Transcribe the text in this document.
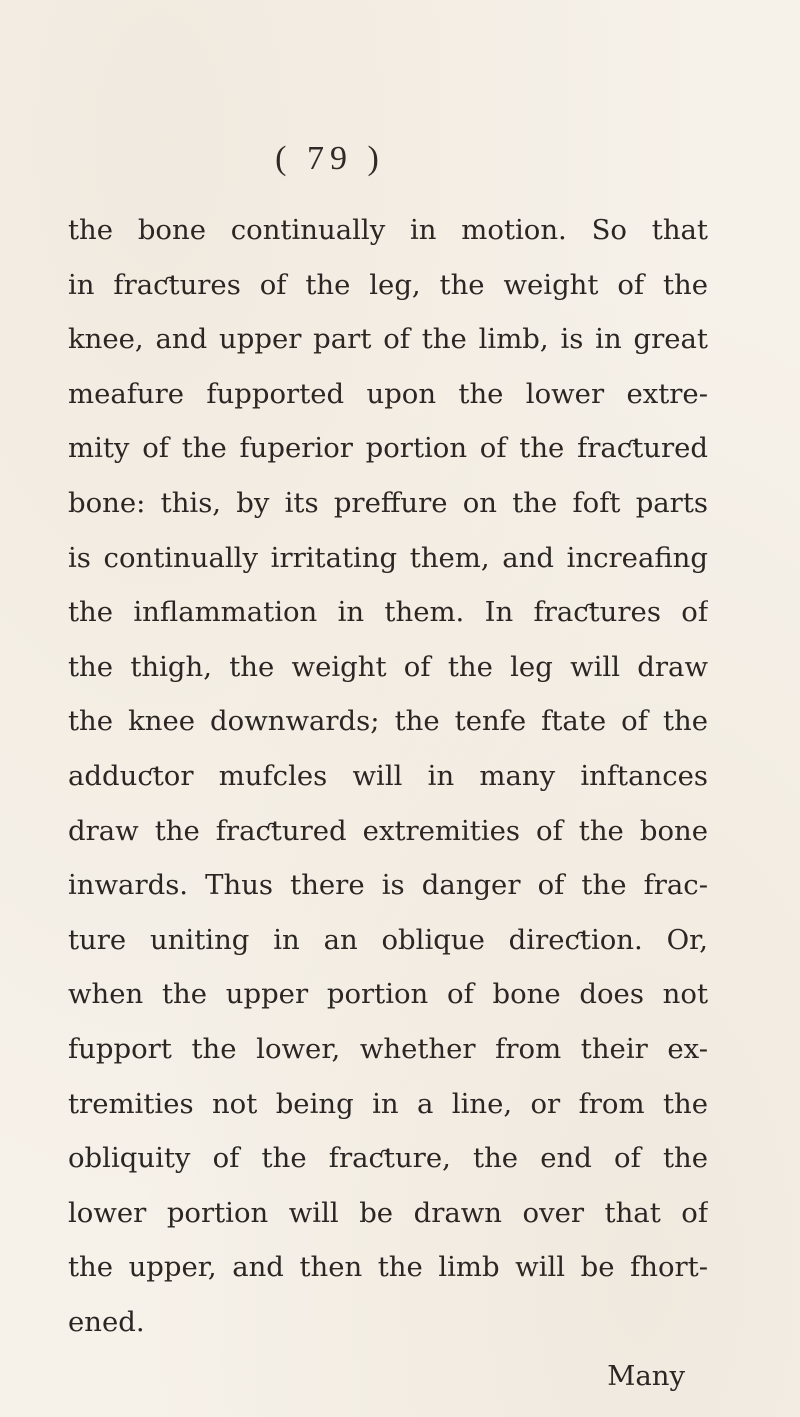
( 79 )
the bone continually in motion. So that
in fraƈtures of the leg, the weight of the
knee, and upper part of the limb, is in great
meafure fupported upon the lower extre-
mity of the fuperior portion of the fraƈtured
bone: this, by its preffure on the foft parts
is continually irritating them, and increafing
the inflammation in them. In fraƈtures of
the thigh, the weight of the leg will draw
the knee downwards; the tenfe ftate of the
adduƈtor mufcles will in many inftances
draw the fraƈtured extremities of the bone
inwards. Thus there is danger of the frac-
ture uniting in an oblique direƈtion. Or,
when the upper portion of bone does not
fupport the lower, whether from their ex-
tremities not being in a line, or from the
obliquity of the fraƈture, the end of the
lower portion will be drawn over that of
the upper, and then the limb will be fhort-
ened.
Many
